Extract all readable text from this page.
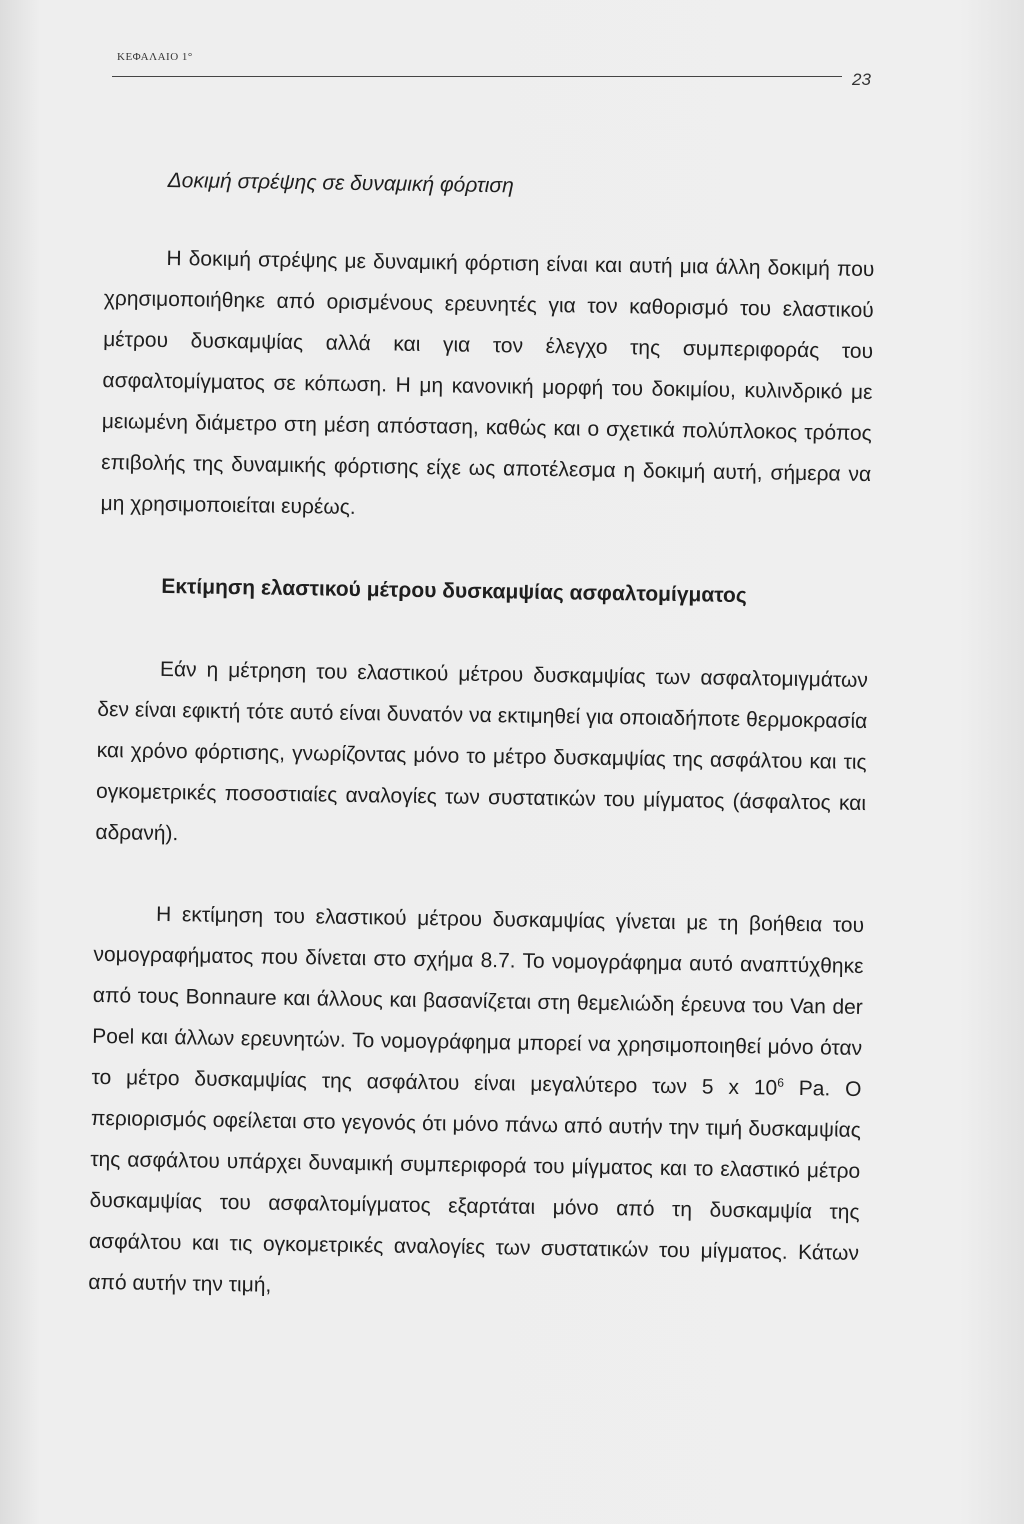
ΚΕΦΑΛΑΙΟ 1°
23
Δοκιμή στρέψης σε δυναμική φόρτιση

Η δοκιμή στρέψης με δυναμική φόρτιση είναι και αυτή μια άλλη δοκιμή που χρησιμοποιήθηκε από ορισμένους ερευνητές για τον καθορισμό του ελαστικού μέτρου δυσκαμψίας αλλά και για τον έλεγχο της συμπεριφοράς του ασφαλτομίγματος σε κόπωση. Η μη κανονική μορφή του δοκιμίου, κυλινδρικό με μειωμένη διάμετρο στη μέση απόσταση, καθώς και ο σχετικά πολύπλοκος τρόπος επιβολής της δυναμικής φόρτισης είχε ως αποτέλεσμα η δοκιμή αυτή, σήμερα να μη χρησιμοποιείται ευρέως.

Εκτίμηση ελαστικού μέτρου δυσκαμψίας ασφαλτομίγματος

Εάν η μέτρηση του ελαστικού μέτρου δυσκαμψίας των ασφαλτομιγμάτων δεν είναι εφικτή τότε αυτό είναι δυνατόν να εκτιμηθεί για οποιαδήποτε θερμοκρασία και χρόνο φόρτισης, γνωρίζοντας μόνο το μέτρο δυσκαμψίας της ασφάλτου και τις ογκομετρικές ποσοστιαίες αναλογίες των συστατικών του μίγματος (άσφαλτος και αδρανή).

Η εκτίμηση του ελαστικού μέτρου δυσκαμψίας γίνεται με τη βοήθεια του νομογραφήματος που δίνεται στο σχήμα 8.7. Το νομογράφημα αυτό αναπτύχθηκε από τους Bonnaure και άλλους και βασανίζεται στη θεμελιώδη έρευνα του Van der Poel και άλλων ερευνητών. Το νομογράφημα μπορεί να χρησιμοποιηθεί μόνο όταν το μέτρο δυσκαμψίας της ασφάλτου είναι μεγαλύτερο των 5 x $10^6$ Pa. Ο περιορισμός οφείλεται στο γεγονός ότι μόνο πάνω από αυτήν την τιμή δυσκαμψίας της ασφάλτου υπάρχει δυναμική συμπεριφορά του μίγματος και το ελαστικό μέτρο δυσκαμψίας του ασφαλτομίγματος εξαρτάται μόνο από τη δυσκαμψία της ασφάλτου και τις ογκομετρικές αναλογίες των συστατικών του μίγματος. Κάτων από αυτήν την τιμή,
